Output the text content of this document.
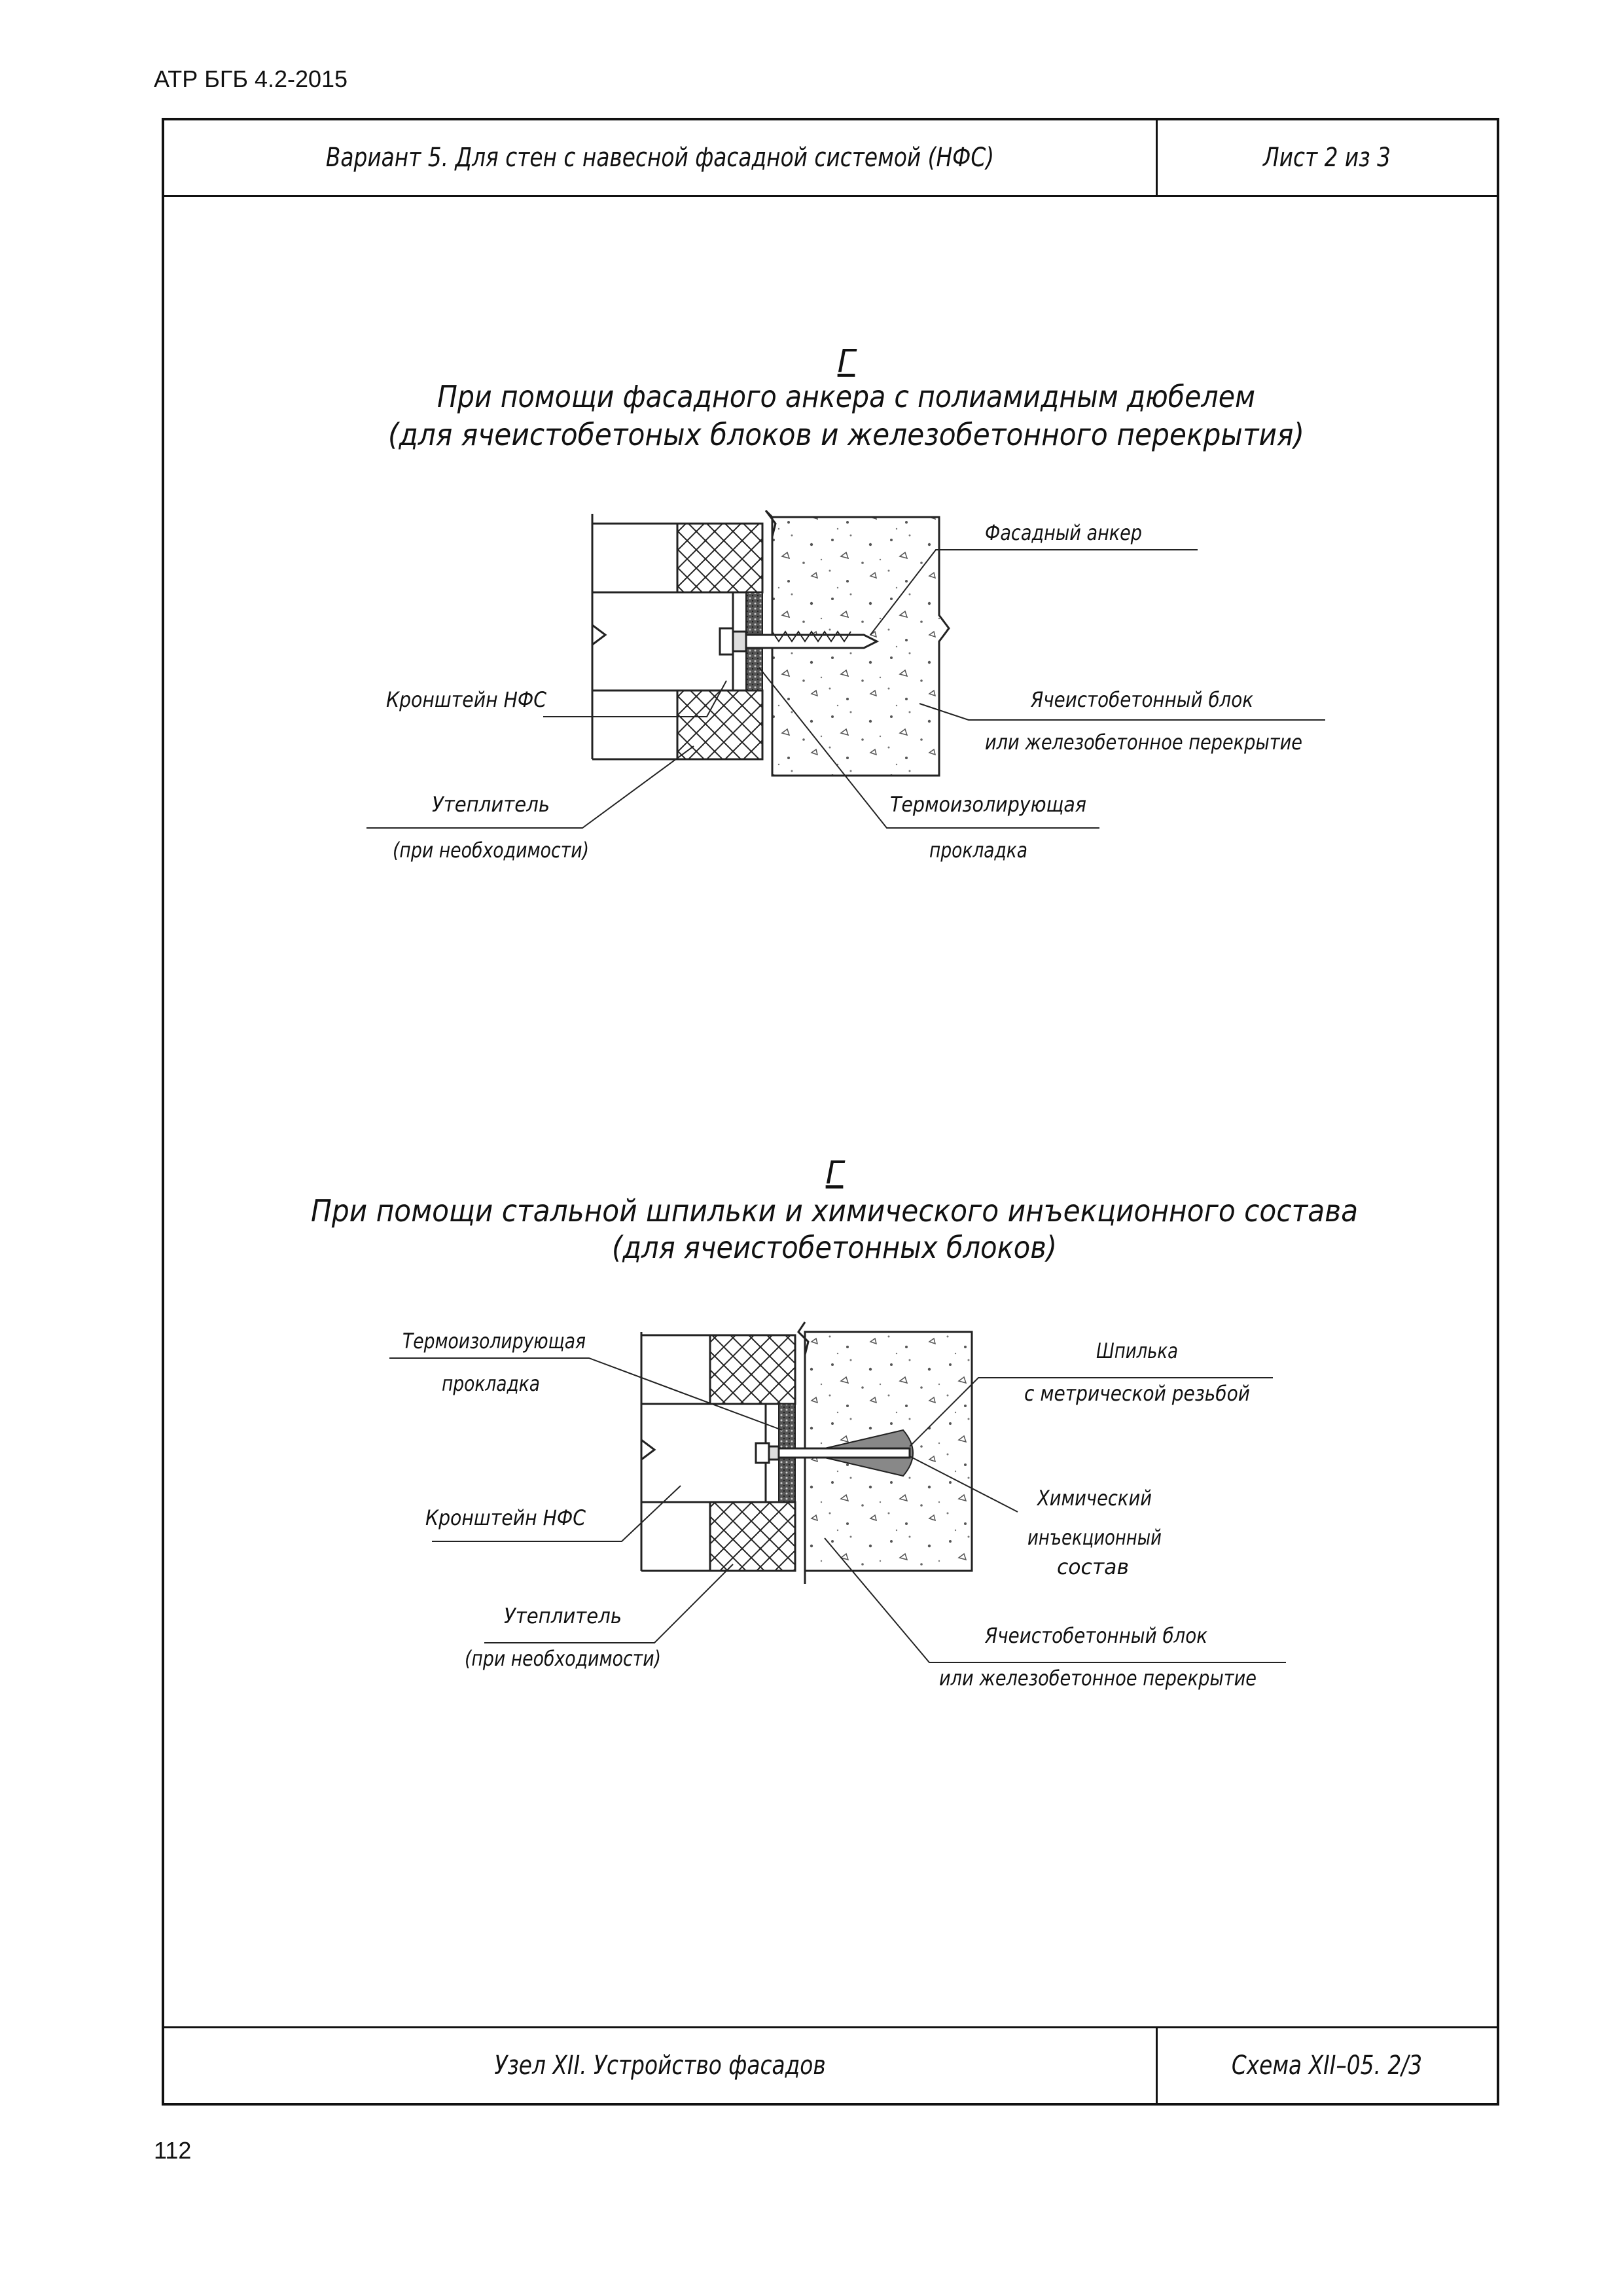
АТР БГБ 4.2-2015
Вариант 5. Для стен с навесной фасадной системой (НФС)	Лист 2 из 3
Узел XII. Устройство фасадов	Схема XII–05. 2/3
112
Г
При помощи фасадного анкера с полиамидным дюбелем
(для ячеистобетоных блоков и железобетонного перекрытия)
Фасадный анкер
Кронштейн НФС	Ячеистобетонный блок
или железобетонное перекрытие
Утеплитель
(при необходимости)
Термоизолирующая
прокладка
Г
При помощи стальной шпильки и химического инъекционного состава
(для ячеистобетонных блоков)
Термоизолирующая
прокладка
Шпилька
с метрической резьбой
Кронштейн НФС
Химический
инъекционный
состав
Утеплитель
(при необходимости)
Ячеистобетонный блок
или железобетонное перекрытие
